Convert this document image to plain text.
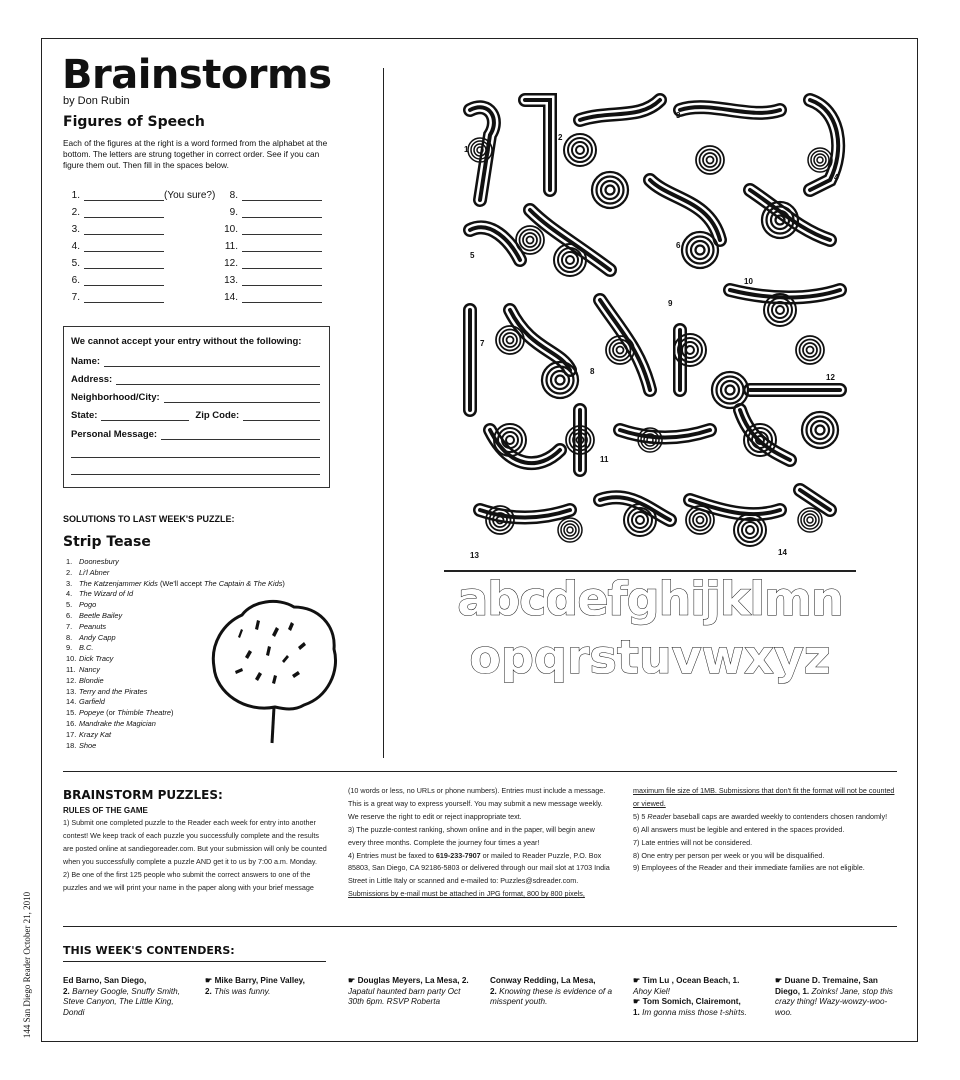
Brainstorms
by Don Rubin
Figures of Speech

Each of the figures at the right is a word formed from the alphabet at the bottom. The letters are strung together in correct order. See if you can figure them out. Then fill in the spaces below.

1.	(You sure?)
2.
3.
4.
5.
6.
7.
8.
9.
10.
11.
12.
13.
14.
We cannot accept your entry without the following:
Name:
Address:
Neighborhood/City:
State:	Zip Code:
Personal Message:
SOLUTIONS TO LAST WEEK'S PUZZLE:
Strip Tease
1. Doonesbury
2. Li'l Abner
3. The Katzenjammer Kids (We'll accept The Captain & The Kids)
4. The Wizard of Id
5. Pogo
6. Beetle Bailey
7. Peanuts
8. Andy Capp
9. B.C.
10. Dick Tracy
11. Nancy
12. Blondie
13. Terry and the Pirates
14. Garfield
15. Popeye (or Thimble Theatre)
16. Mandrake the Magician
17. Krazy Kat
18. Shoe
1
2
3
4
5
6
7
8
9
10
11
12
13	14
abcdefghijklmn
opqrstuvwxyz
144 San Diego Reader October 21, 2010
BRAINSTORM PUZZLES:
RULES OF THE GAME

1) Submit one completed puzzle to the Reader each week for entry into another contest! We keep track of each puzzle you successfully complete and the results are posted online at sandiegoreader.com. But your submission will only be counted when you successfully complete a puzzle AND get it to us by 7:00 a.m. Monday.

2) Be one of the first 125 people who submit the correct answers to one of the puzzles and we will print your name in the paper along with your brief message

(10 words or less, no URLs or phone numbers). Entries must include a message. This is a great way to express yourself. You may submit a new message weekly. We reserve the right to edit or reject inappropriate text.

3) The puzzle-contest ranking, shown online and in the paper, will begin anew every three months. Complete the journey four times a year!

4) Entries must be faxed to 619-233-7907 or mailed to Reader Puzzle, P.O. Box 85803, San Diego, CA 92186-5803 or delivered through our mail slot at 1703 India Street in Little Italy or scanned and e-mailed to: Puzzles@sdreader.com.

Submissions by e-mail must be attached in JPG format, 800 by 800 pixels,

maximum file size of 1MB. Submissions that don't fit the format will not be counted or viewed.

5) 5 Reader baseball caps are awarded weekly to contenders chosen randomly!

6) All answers must be legible and entered in the spaces provided.

7) Late entries will not be considered.

8) One entry per person per week or you will be disqualified.

9) Employees of the Reader and their immediate families are not eligible.

THIS WEEK'S CONTENDERS:
Ed Barno, San Diego,
2. Barney Google, Snuffy Smith, Steve Canyon, The Little King, Dondi
☛ Mike Barry, Pine Valley,
2. This was funny.
☛ Douglas Meyers, La Mesa, 2. Japatul haunted barn party Oct 30th 6pm. RSVP Roberta
Conway Redding, La Mesa,
2. Knowing these is evidence of a misspent youth.
☛ Tim Lu , Ocean Beach, 1.
Ahoy Kiel!
☛ Tom Somich, Clairemont,
1. Im gonna miss those t-shirts.
☛ Duane D. Tremaine, San Diego, 1. Zoinks! Jane, stop this crazy thing! Wazy-wowzy-woo-woo.
